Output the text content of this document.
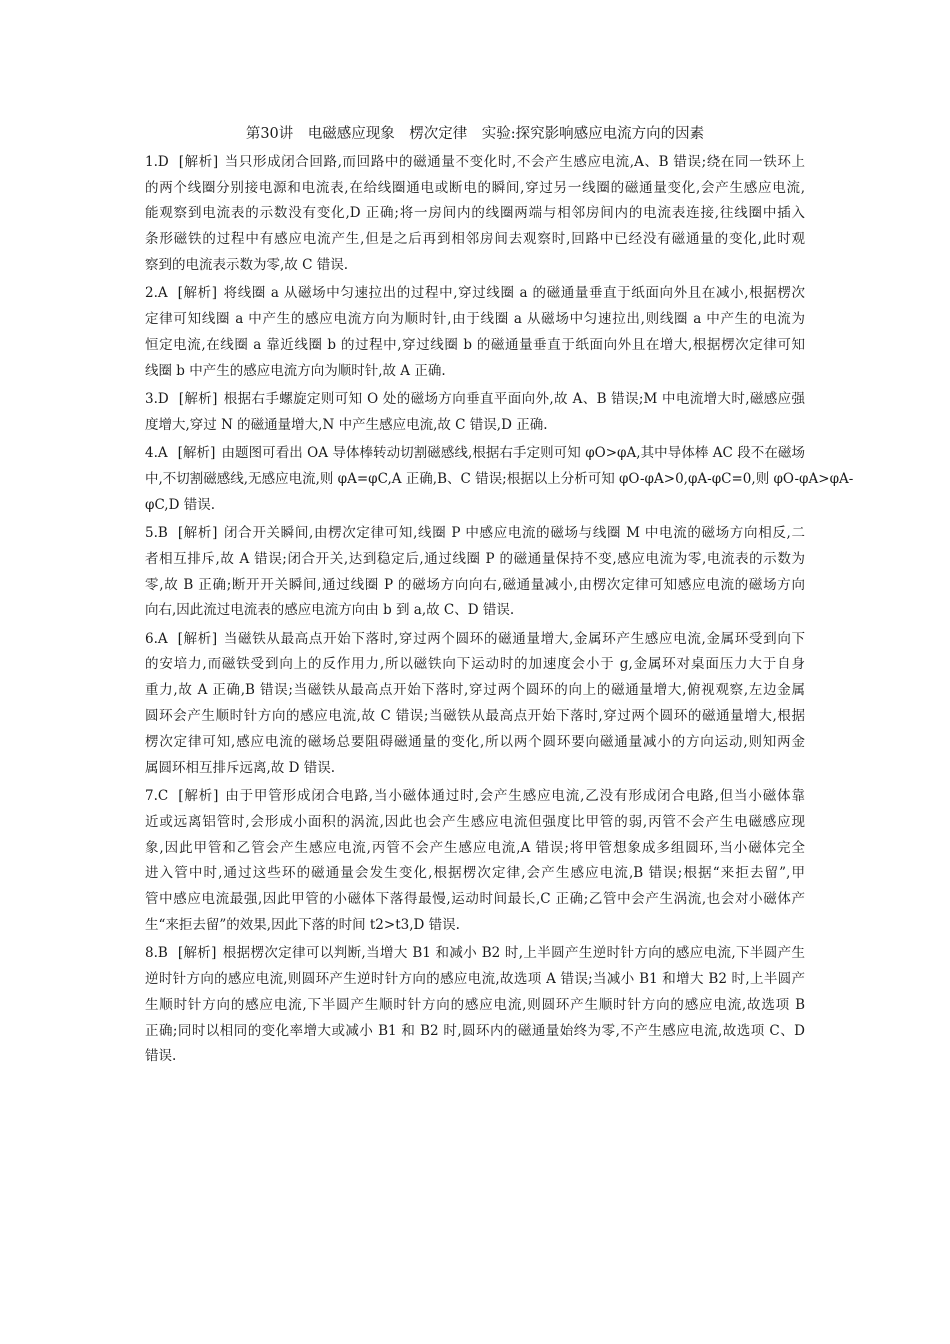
第30讲　电磁感应现象　楞次定律　实验:探究影响感应电流方向的因素
1.D [解析] 当只形成闭合回路,而回路中的磁通量不变化时,不会产生感应电流,A、B 错误;绕在同一铁环上
的两个线圈分别接电源和电流表,在给线圈通电或断电的瞬间,穿过另一线圈的磁通量变化,会产生感应电流,
能观察到电流表的示数没有变化,D 正确;将一房间内的线圈两端与相邻房间内的电流表连接,往线圈中插入
条形磁铁的过程中有感应电流产生,但是之后再到相邻房间去观察时,回路中已经没有磁通量的变化,此时观
察到的电流表示数为零,故 C 错误.
2.A [解析] 将线圈 a 从磁场中匀速拉出的过程中,穿过线圈 a 的磁通量垂直于纸面向外且在减小,根据楞次
定律可知线圈 a 中产生的感应电流方向为顺时针,由于线圈 a 从磁场中匀速拉出,则线圈 a 中产生的电流为
恒定电流,在线圈 a 靠近线圈 b 的过程中,穿过线圈 b 的磁通量垂直于纸面向外且在增大,根据楞次定律可知
线圈 b 中产生的感应电流方向为顺时针,故 A 正确.
3.D [解析] 根据右手螺旋定则可知 O 处的磁场方向垂直平面向外,故 A、B 错误;M 中电流增大时,磁感应强
度增大,穿过 N 的磁通量增大,N 中产生感应电流,故 C 错误,D 正确.
4.A [解析] 由题图可看出 OA 导体棒转动切割磁感线,根据右手定则可知 φO>φA,其中导体棒 AC 段不在磁场
中,不切割磁感线,无感应电流,则 φA=φC,A 正确,B、C 错误;根据以上分析可知 φO-φA>0,φA-φC=0,则 φO-φA>φA-
φC,D 错误.
5.B [解析] 闭合开关瞬间,由楞次定律可知,线圈 P 中感应电流的磁场与线圈 M 中电流的磁场方向相反,二
者相互排斥,故 A 错误;闭合开关,达到稳定后,通过线圈 P 的磁通量保持不变,感应电流为零,电流表的示数为
零,故 B 正确;断开开关瞬间,通过线圈 P 的磁场方向向右,磁通量减小,由楞次定律可知感应电流的磁场方向
向右,因此流过电流表的感应电流方向由 b 到 a,故 C、D 错误.
6.A [解析] 当磁铁从最高点开始下落时,穿过两个圆环的磁通量增大,金属环产生感应电流,金属环受到向下
的安培力,而磁铁受到向上的反作用力,所以磁铁向下运动时的加速度会小于 g,金属环对桌面压力大于自身
重力,故 A 正确,B 错误;当磁铁从最高点开始下落时,穿过两个圆环的向上的磁通量增大,俯视观察,左边金属
圆环会产生顺时针方向的感应电流,故 C 错误;当磁铁从最高点开始下落时,穿过两个圆环的磁通量增大,根据
楞次定律可知,感应电流的磁场总要阻碍磁通量的变化,所以两个圆环要向磁通量减小的方向运动,则知两金
属圆环相互排斥远离,故 D 错误.
7.C [解析] 由于甲管形成闭合电路,当小磁体通过时,会产生感应电流,乙没有形成闭合电路,但当小磁体靠
近或远离铝管时,会形成小面积的涡流,因此也会产生感应电流但强度比甲管的弱,丙管不会产生电磁感应现
象,因此甲管和乙管会产生感应电流,丙管不会产生感应电流,A 错误;将甲管想象成多组圆环,当小磁体完全
进入管中时,通过这些环的磁通量会发生变化,根据楞次定律,会产生感应电流,B 错误;根据“来拒去留”,甲
管中感应电流最强,因此甲管的小磁体下落得最慢,运动时间最长,C 正确;乙管中会产生涡流,也会对小磁体产
生“来拒去留”的效果,因此下落的时间 t2>t3,D 错误.
8.B [解析] 根据楞次定律可以判断,当增大 B1 和减小 B2 时,上半圆产生逆时针方向的感应电流,下半圆产生
逆时针方向的感应电流,则圆环产生逆时针方向的感应电流,故选项 A 错误;当减小 B1 和增大 B2 时,上半圆产
生顺时针方向的感应电流,下半圆产生顺时针方向的感应电流,则圆环产生顺时针方向的感应电流,故选项 B
正确;同时以相同的变化率增大或减小 B1 和 B2 时,圆环内的磁通量始终为零,不产生感应电流,故选项 C、D
错误.
